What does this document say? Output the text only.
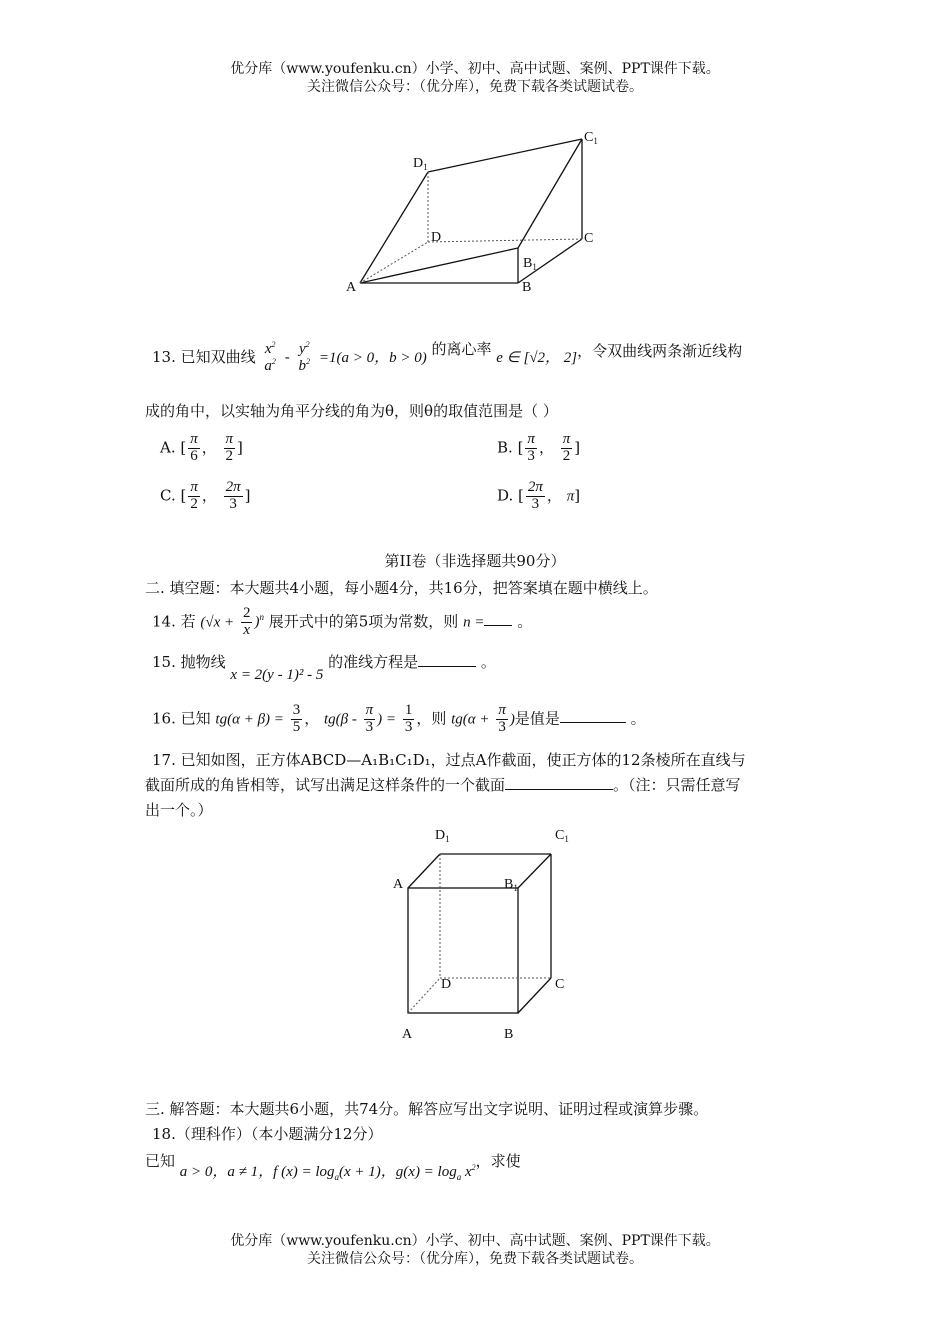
优分库（www.youfenku.cn）小学、初中、高中试题、案例、PPT课件下载。
关注微信公众号：（优分库），免费下载各类试题试卷。
$D_1$
$C_1$
D	C
$B_1$
A	B
13. 已知双曲线 $x^2$
$a^2 - y^2$
$b^2 =1(a > 0$，b > 0) 的离心率 e ∈ [√2， 2]，令双曲线两条渐近线构
成的角中，以实轴为角平分线的角为θ，则θ的取值范围是（ ）
A. [ $\frac{\pi}{6}$ ， $\frac{\pi}{2}$ ]	B. [ $\frac{\pi}{3}$ ， $\frac{\pi}{2}$ ]
C. [ $\frac{\pi}{2}$ ， $\frac{2\pi}{3}$ ]	D. [ $\frac{2\pi}{3}$ ， π]
第II卷（非选择题共90分）
二. 填空题：本大题共4小题，每小题4分，共16分，把答案填在题中横线上。
14. 若 $(√x + \frac{2}{x} )^n$ 展开式中的第5项为常数，则 n = 。
15. 抛物线 x = 2(y - 1)² - 5 的准线方程是	。
16. 已知 $tg(\alpha + \beta) = \frac{3}{5}$ ， $tg(\beta - \frac{\pi}{3}$ ) = $\frac{1}{3}$ ，则 $tg(\alpha + \frac{\pi}{3}$ )是值是	。
17. 已知如图，正方体ABCD—A₁B₁C₁D₁，过点A作截面，使正方体的12条棱所在直线与
截面所成的角皆相等，试写出满足这样条件的一个截面	。（注：只需任意写
出一个。）
$D_1$	$C_1$
A	$B_1$
D	C
A	B
三. 解答题：本大题共6小题，共74分。解答应写出文字说明、证明过程或演算步骤。
18.（理科作）（本小题满分12分）
已知 a > 0，a ≠ 1，f $(x) = \log_a(x + 1)$，$g(x) = \log_a x^2$，求使
优分库（www.youfenku.cn）小学、初中、高中试题、案例、PPT课件下载。
关注微信公众号：（优分库），免费下载各类试题试卷。
